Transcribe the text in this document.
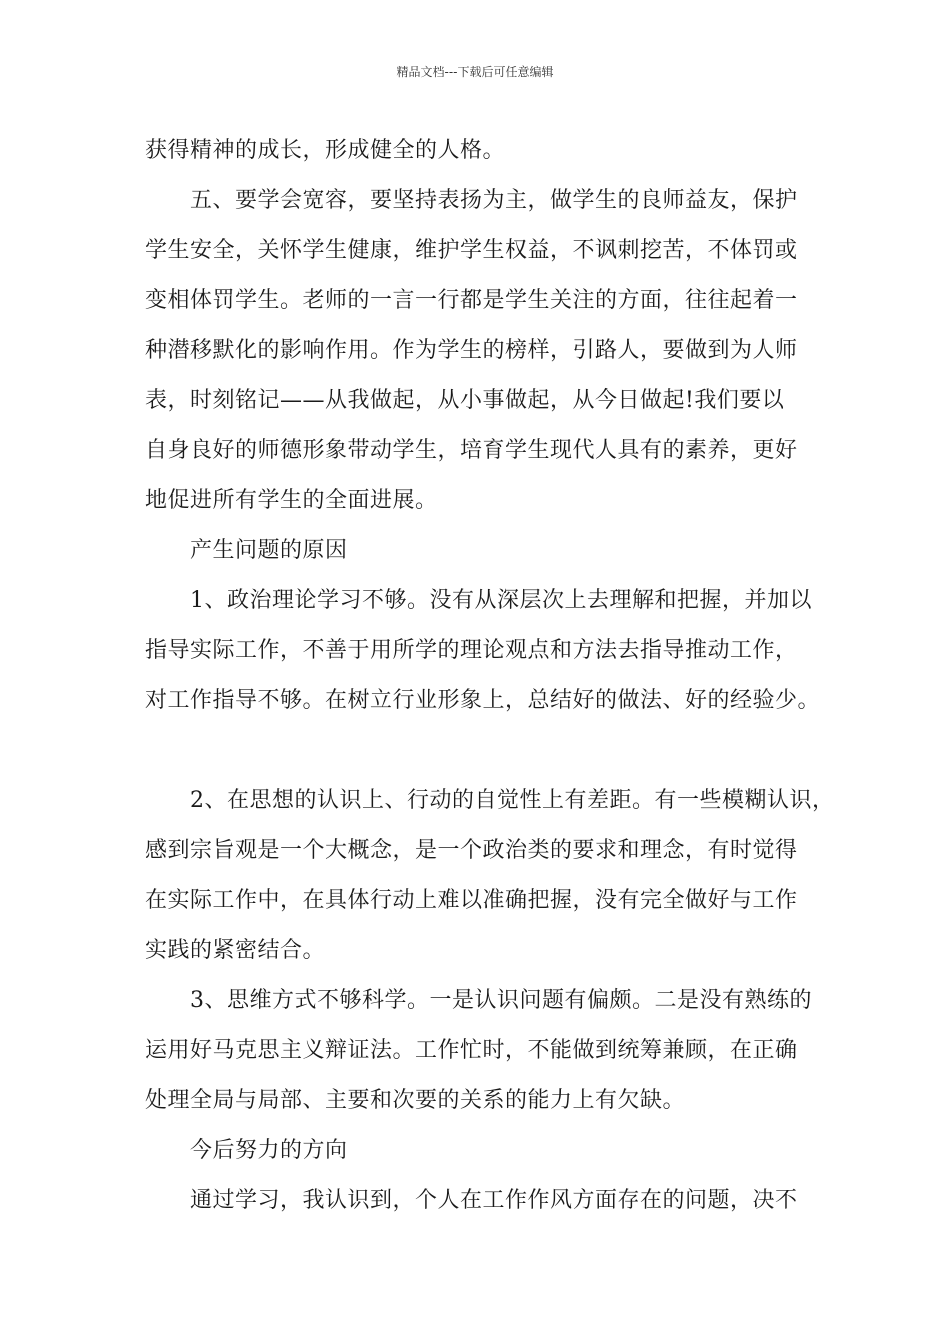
精品文档---下载后可任意编辑
获得精神的成长，形成健全的人格。
五、要学会宽容，要坚持表扬为主，做学生的良师益友，保护
学生安全，关怀学生健康，维护学生权益，不讽刺挖苦，不体罚或
变相体罚学生。老师的一言一行都是学生关注的方面，往往起着一
种潜移默化的影响作用。作为学生的榜样，引路人，要做到为人师
表，时刻铭记——从我做起，从小事做起，从今日做起!我们要以
自身良好的师德形象带动学生，培育学生现代人具有的素养，更好
地促进所有学生的全面进展。
产生问题的原因
1、政治理论学习不够。没有从深层次上去理解和把握，并加以
指导实际工作，不善于用所学的理论观点和方法去指导推动工作，
对工作指导不够。在树立行业形象上，总结好的做法、好的经验少。
2、在思想的认识上、行动的自觉性上有差距。有一些模糊认识，
感到宗旨观是一个大概念，是一个政治类的要求和理念，有时觉得
在实际工作中，在具体行动上难以准确把握，没有完全做好与工作
实践的紧密结合。
3、思维方式不够科学。一是认识问题有偏颇。二是没有熟练的
运用好马克思主义辩证法。工作忙时，不能做到统筹兼顾，在正确
处理全局与局部、主要和次要的关系的能力上有欠缺。
今后努力的方向
通过学习，我认识到，个人在工作作风方面存在的问题，决不
